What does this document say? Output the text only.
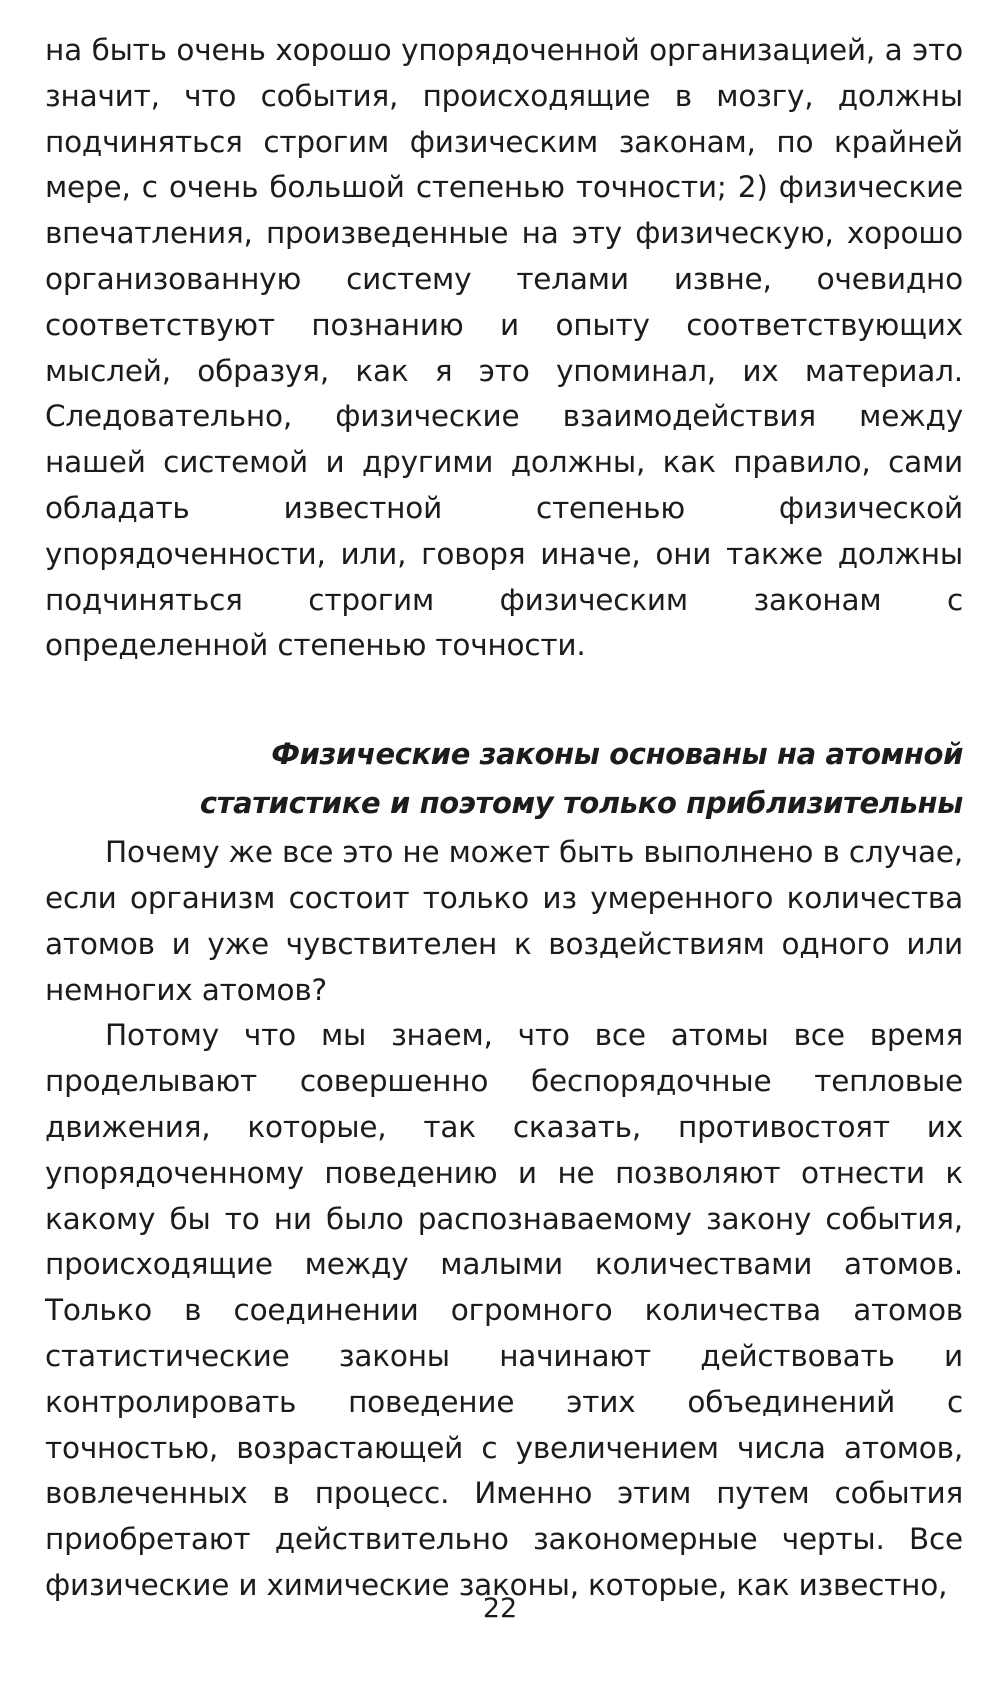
на быть очень хорошо упорядоченной организацией, а это значит, что события, происходящие в мозгу, должны подчиняться строгим физическим законам, по крайней мере, с очень большой степенью точности; 2) физические впечатления, произведенные на эту физическую, хорошо организованную систему телами извне, очевидно соответствуют познанию и опыту соответствующих мыслей, образуя, как я это упоминал, их материал. Следовательно, физические взаимодействия между нашей системой и другими должны, как правило, сами обладать известной степенью физической упорядоченности, или, говоря иначе, они также должны подчиняться строгим физическим законам с определенной степенью точности.

Физические законы основаны на атомной
статистике и поэтому только приблизительны

Почему же все это не может быть выполнено в случае, если организм состоит только из умеренного количества атомов и уже чувствителен к воздействиям одного или немногих атомов?

Потому что мы знаем, что все атомы все время проделывают совершенно беспорядочные тепловые движения, которые, так сказать, противостоят их упорядоченному поведению и не позволяют отнести к какому бы то ни было распознаваемому закону события, происходящие между малыми количествами атомов. Только в соединении огромного количества атомов статистические законы начинают действовать и контролировать поведение этих объединений с точностью, возрастающей с увеличением числа атомов, вовлеченных в процесс. Именно этим путем события приобретают действительно закономерные черты. Все физические и химические законы, которые, как известно,

22
